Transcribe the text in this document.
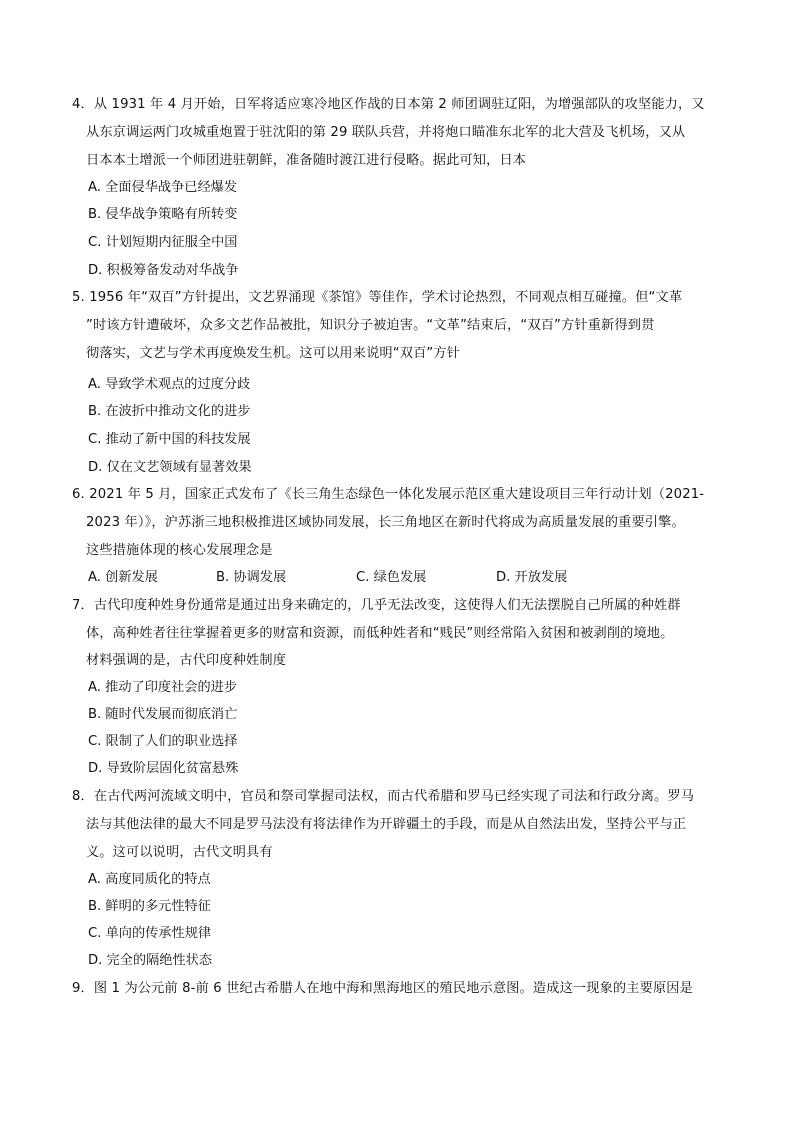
4．从 1931 年 4 月开始，日军将适应寒冷地区作战的日本第 2 师团调驻辽阳，为增强部队的攻坚能力，又
从东京调运两门攻城重炮置于驻沈阳的第 29 联队兵营，并将炮口瞄准东北军的北大营及飞机场，又从
日本本土增派一个师团进驻朝鲜，准备随时渡江进行侵略。据此可知，日本
A. 全面侵华战争已经爆发
B. 侵华战争策略有所转变
C. 计划短期内征服全中国
D. 积极筹备发动对华战争
5. 1956 年“双百”方针提出，文艺界涌现《茶馆》等佳作，学术讨论热烈，不同观点相互碰撞。但“文革
”时该方针遭破坏，众多文艺作品被批，知识分子被迫害。“文革”结束后，“双百”方针重新得到贯
彻落实，文艺与学术再度焕发生机。这可以用来说明“双百”方针
A. 导致学术观点的过度分歧
B. 在波折中推动文化的进步
C. 推动了新中国的科技发展
D. 仅在文艺领域有显著效果
6. 2021 年 5 月，国家正式发布了《长三角生态绿色一体化发展示范区重大建设项目三年行动计划（2021-
2023 年）》，沪苏浙三地积极推进区域协同发展，长三角地区在新时代将成为高质量发展的重要引擎。
这些措施体现的核心发展理念是
A. 创新发展	B. 协调发展	C. 绿色发展	D. 开放发展
7．古代印度种姓身份通常是通过出身来确定的，几乎无法改变，这使得人们无法摆脱自己所属的种姓群
体，高种姓者往往掌握着更多的财富和资源，而低种姓者和“贱民”则经常陷入贫困和被剥削的境地。
材料强调的是，古代印度种姓制度
A. 推动了印度社会的进步
B. 随时代发展而彻底消亡
C. 限制了人们的职业选择
D. 导致阶层固化贫富悬殊
8．在古代两河流域文明中，官员和祭司掌握司法权，而古代希腊和罗马已经实现了司法和行政分离。罗马
法与其他法律的最大不同是罗马法没有将法律作为开辟疆土的手段，而是从自然法出发，坚持公平与正
义。这可以说明，古代文明具有
A. 高度同质化的特点
B. 鲜明的多元性特征
C. 单向的传承性规律
D. 完全的隔绝性状态
9．图 1 为公元前 8-前 6 世纪古希腊人在地中海和黑海地区的殖民地示意图。造成这一现象的主要原因是
